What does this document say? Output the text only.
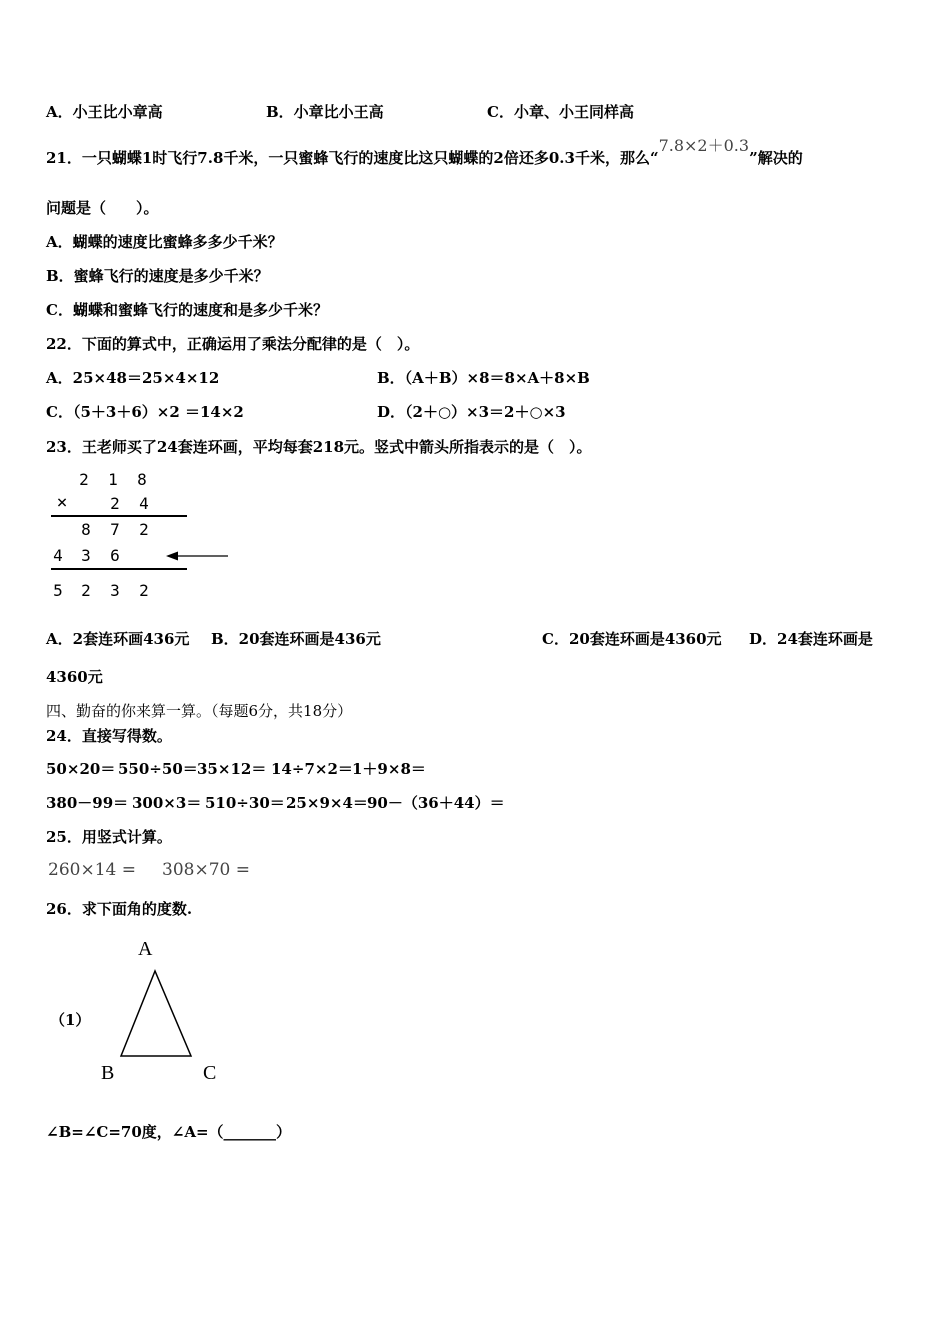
A．小王比小章高	B．小章比小王高	C．小章、小王同样高
21．一只蝴蝶1时飞行7.8千米，一只蜜蜂飞行的速度比这只蝴蝶的2倍还多0.3千米，那么“7.8×2＋0.3”解决的
问题是（　　）。
A．蝴蝶的速度比蜜蜂多多少千米？
B．蜜蜂飞行的速度是多少千米？
C．蝴蝶和蜜蜂飞行的速度和是多少千米？
22．下面的算式中，正确运用了乘法分配律的是（　）。
A．25×48＝25×4×12	B．（A＋B）×8＝8×A＋8×B
C．（5＋3＋6）×2 ＝14×2	D．（2＋○）×3＝2＋○×3
23．王老师买了24套连环画，平均每套218元。竖式中箭头所指表示的是（　）。
2 1 8
×	2 4
8 7 2
4 3 6
5 2 3 2
A．2套连环画436元 B．20套连环画是436元	C．20套连环画是4360元 D．24套连环画是
4360元
四、勤奋的你来算一算。（每题6分，共18分）
24．直接写得数。
50×20＝ 550÷50＝ 35×12＝ 14÷7×2＝ 1＋9×8＝
380－99＝ 300×3＝ 510÷30＝ 25×9×4＝ 90－（36＋44）＝
25．用竖式计算。
260×14 = 308×70 =
26．求下面角的度数.
（1）
A
B	C
∠B=∠C=70度，∠A=（_______）
